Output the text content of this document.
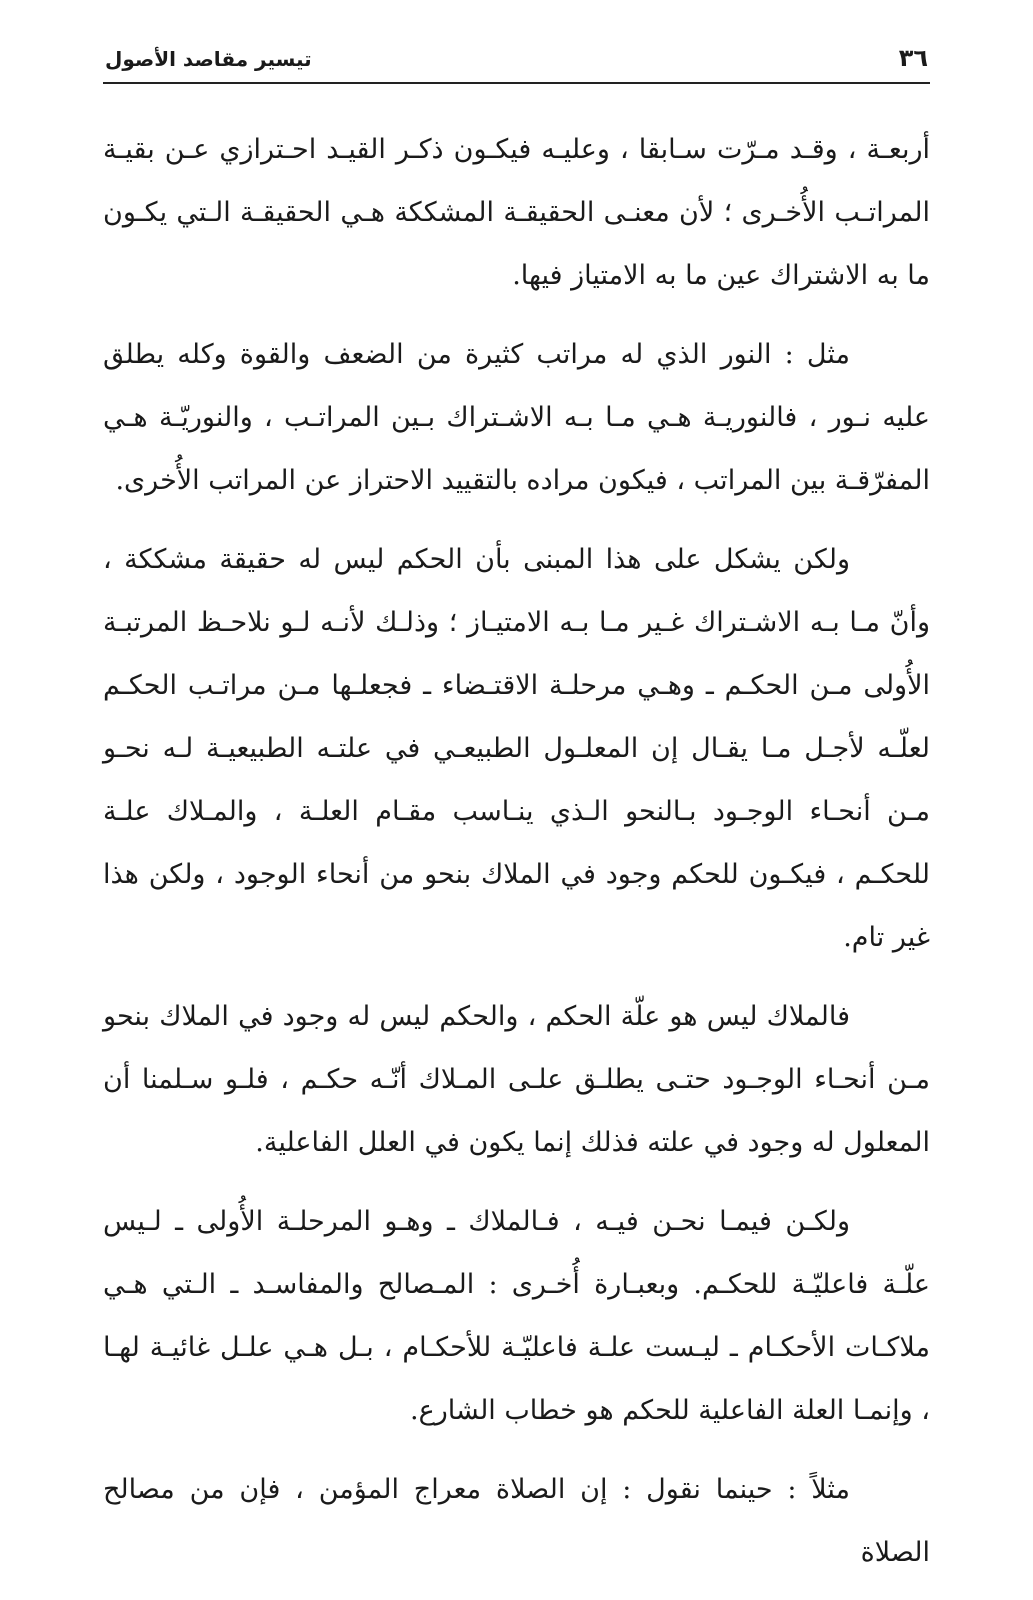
٣٦
تيسير مقاصد الأصول

أربعـة ، وقـد مـرّت سـابقا ، وعليـه فيكـون ذكـر القيـد احـترازي عـن بقيـة المراتـب الأُخـرى ؛ لأن معنـى الحقيقـة المشككة هـي الحقيقـة الـتي يكـون ما به الاشتراك عين ما به الامتياز فيها.

مثل : النور الذي له مراتب كثيرة من الضعف والقوة وكله يطلق عليه نـور ، فالنوريـة هـي مـا بـه الاشـتراك بـين المراتـب ، والنوريّـة هـي المفرّقـة بين المراتب ، فيكون مراده بالتقييد الاحتراز عن المراتب الأُخرى.

ولكن يشكل على هذا المبنى بأن الحكم ليس له حقيقة مشككة ، وأنّ مـا بـه الاشـتراك غـير مـا بـه الامتيـاز ؛ وذلـك لأنـه لـو نلاحـظ المرتبـة الأُولى مـن الحكـم ـ وهـي مرحلـة الاقتـضاء ـ فجعلـها مـن مراتـب الحكـم لعلّـه لأجـل مـا يقـال إن المعلـول الطبيعـي في علتـه الطبيعيـة لـه نحـو مـن أنحـاء الوجـود بـالنحو الـذي ينـاسب مقـام العلـة ، والمـلاك علـة للحكـم ، فيكـون للحكم وجود في الملاك بنحو من أنحاء الوجود ، ولكن هذا غير تام.

فالملاك ليس هو علّة الحكم ، والحكم ليس له وجود في الملاك بنحو مـن أنحـاء الوجـود حتـى يطلـق علـى المـلاك أنّـه حكـم ، فلـو سـلمنا أن المعلول له وجود في علته فذلك إنما يكون في العلل الفاعلية.

ولكـن فيمـا نحـن فيـه ، فـالملاك ـ وهـو المرحلـة الأُولى ـ لـيس علّـة فاعليّـة للحكـم. وبعبـارة أُخـرى : المـصالح والمفاسـد ـ الـتي هـي ملاكـات الأحكـام ـ ليـست علـة فاعليّـة للأحكـام ، بـل هـي علـل غائيـة لهـا ، وإنمـا العلة الفاعلية للحكم هو خطاب الشارع.

مثلاً : حينما نقول : إن الصلاة معراج المؤمن ، فإن من مصالح الصلاة
